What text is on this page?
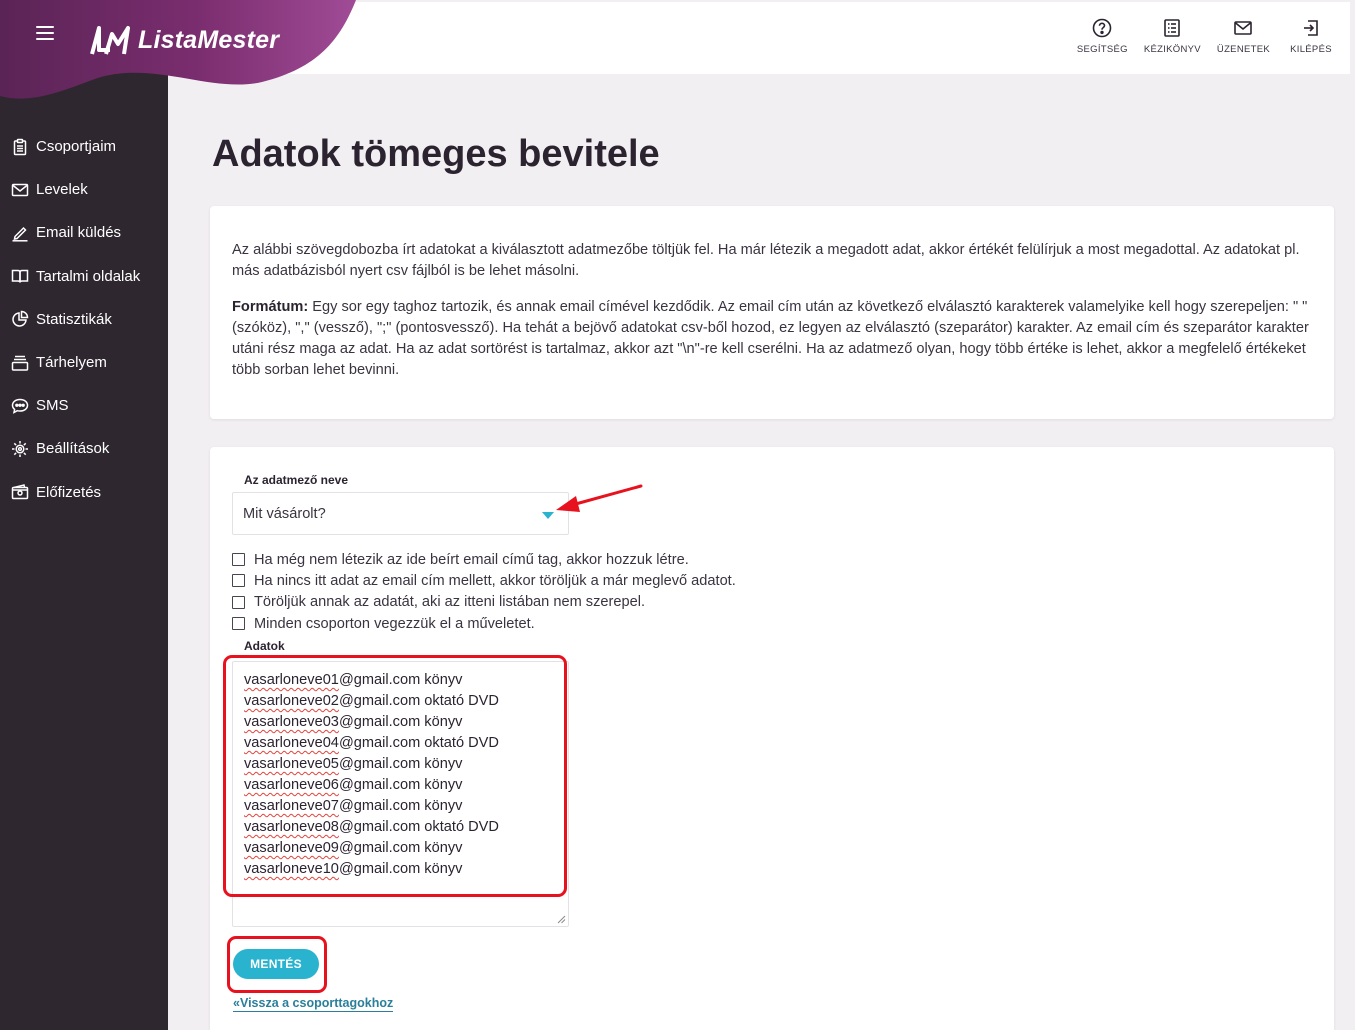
Csoportjaim
Levelek
Email küldés
Tartalmi oldalak
Statisztikák
Tárhelyem
SMS
Beállítások
Előfizetés
ListaMester	SEGÍTSÉG KÉZIKÖNYV ÜZENETEK KILÉPÉS
Adatok tömeges bevitele

Az alábbi szövegdobozba írt adatokat a kiválasztott adatmezőbe töltjük fel. Ha már létezik a megadott adat, akkor értékét felülírjuk a most megadottal. Az adatokat pl. más adatbázisból nyert csv fájlból is be lehet másolni.

Formátum: Egy sor egy taghoz tartozik, és annak email címével kezdődik. Az email cím után az következő elválasztó karakterek valamelyike kell hogy szerepeljen: " " (szóköz), "," (vessző), ";" (pontosvessző). Ha tehát a bejövő adatokat csv-ből hozod, ez legyen az elválasztó (szeparátor) karakter. Az email cím és szeparátor karakter utáni rész maga az adat. Ha az adat sortörést is tartalmaz, akkor azt "\n"-re kell cserélni. Ha az adatmező olyan, hogy több értéke is lehet, akkor a megfelelő értékeket több sorban lehet bevinni.

Az adatmező neve
Mit vásárolt?
Ha még nem létezik az ide beírt email című tag, akkor hozzuk létre.
Ha nincs itt adat az email cím mellett, akkor töröljük a már meglevő adatot.
Töröljük annak az adatát, aki az itteni listában nem szerepel.
Minden csoporton vegezzük el a műveletet.
Adatok
vasarloneve01@gmail.com könyv
vasarloneve02@gmail.com oktató DVD
vasarloneve03@gmail.com könyv
vasarloneve04@gmail.com oktató DVD
vasarloneve05@gmail.com könyv
vasarloneve06@gmail.com könyv
vasarloneve07@gmail.com könyv
vasarloneve08@gmail.com oktató DVD
vasarloneve09@gmail.com könyv
vasarloneve10@gmail.com könyv
MENTÉS
«Vissza a csoporttagokhoz
